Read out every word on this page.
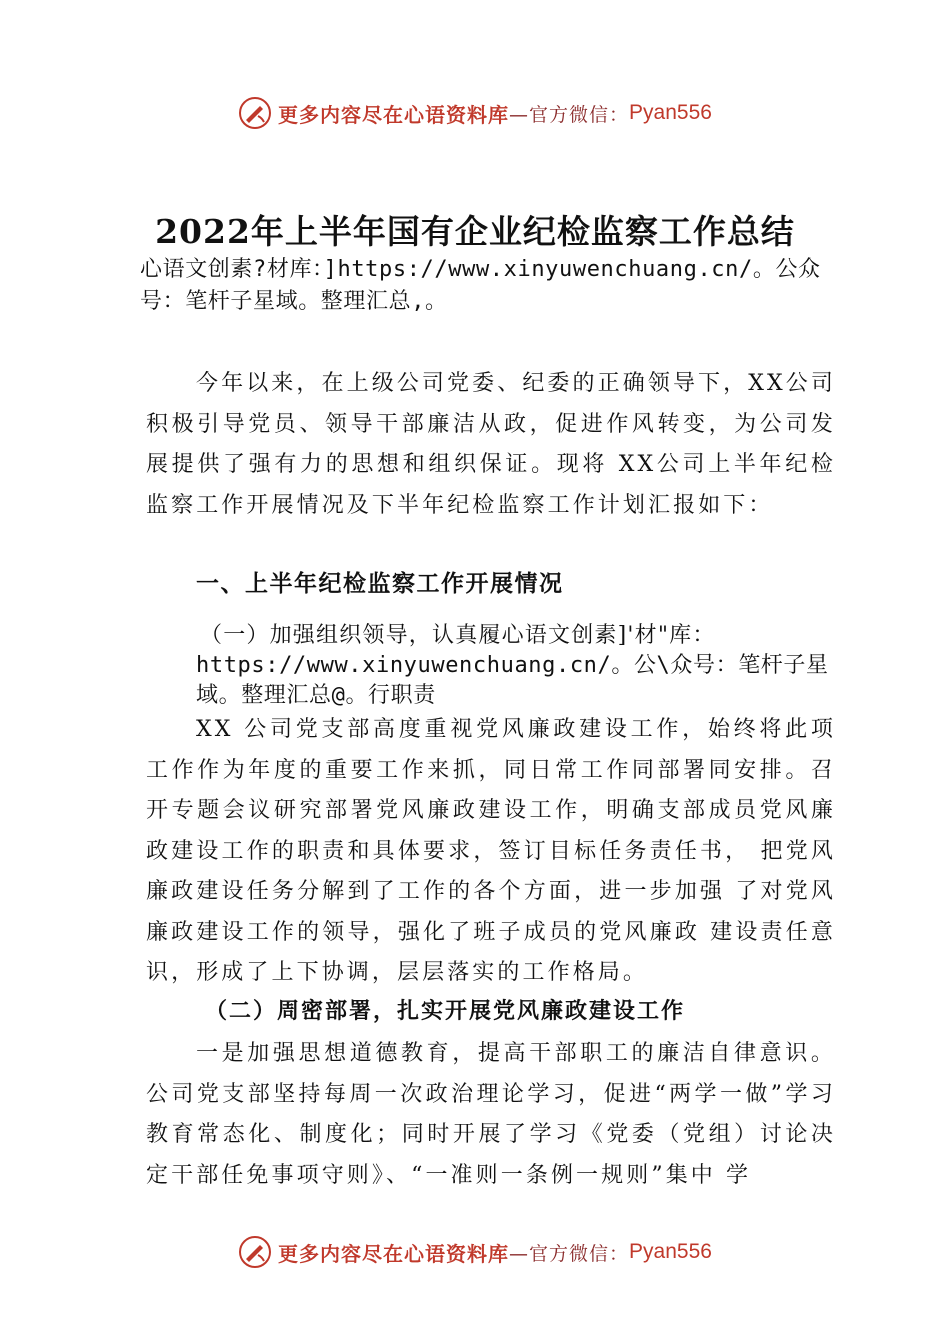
更多内容尽在心语资料库 —官方微信： Pyan556
2022年上半年国有企业纪检监察工作总结
心语文创素?材库：]https://www.xinyuwenchuang.cn/。公众
号：笔杆子星域。整理汇总,。
今年以来，在上级公司党委、纪委的正确领导下，XX公司积极引导党员、领导干部廉洁从政，促进作风转变，为公司发展提供了强有力的思想和组织保证。现将 XX公司上半年纪检监察工作开展情况及下半年纪检监察工作计划汇报如下：
一、上半年纪检监察工作开展情况
（一）加强组织领导，认真履心语文创素]'材"库：
https://www.xinyuwenchuang.cn/。公\众号：笔杆子星
域。整理汇总@。行职责
XX 公司党支部高度重视党风廉政建设工作，始终将此项工作作为年度的重要工作来抓，同日常工作同部署同安排。召开专题会议研究部署党风廉政建设工作，明确支部成员党风廉政建设工作的职责和具体要求，签订目标任务责任书， 把党风廉政建设任务分解到了工作的各个方面，进一步加强 了对党风廉政建设工作的领导，强化了班子成员的党风廉政 建设责任意识，形成了上下协调，层层落实的工作格局。
（二）周密部署，扎实开展党风廉政建设工作
一是加强思想道德教育，提高干部职工的廉洁自律意识。公司党支部坚持每周一次政治理论学习，促进“两学一做”学习教育常态化、制度化；同时开展了学习《党委（党组）讨论决定干部任免事项守则》、“一准则一条例一规则”集中 学
更多内容尽在心语资料库 —官方微信： Pyan556
